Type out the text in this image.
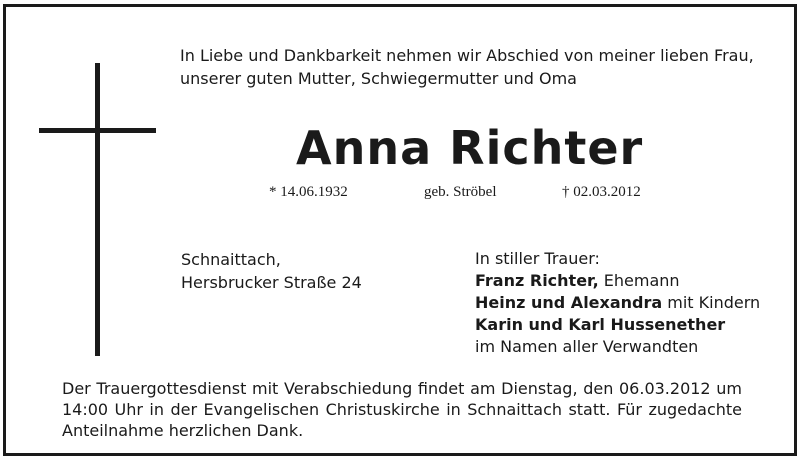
In Liebe und Dankbarkeit nehmen wir Abschied von meiner lieben Frau,
unserer guten Mutter, Schwiegermutter und Oma
Anna Richter
* 14.06.1932	geb. Ströbel	† 02.03.2012
Schnaittach,
Hersbrucker Straße 24
In stiller Trauer:
Franz Richter, Ehemann
Heinz und Alexandra mit Kindern
Karin und Karl Hussenether
im Namen aller Verwandten
Der Trauergottesdienst mit Verabschiedung findet am Dienstag, den 06.03.2012 um
14:00 Uhr in der Evangelischen Christuskirche in Schnaittach statt. Für zugedachte
Anteilnahme herzlichen Dank.
